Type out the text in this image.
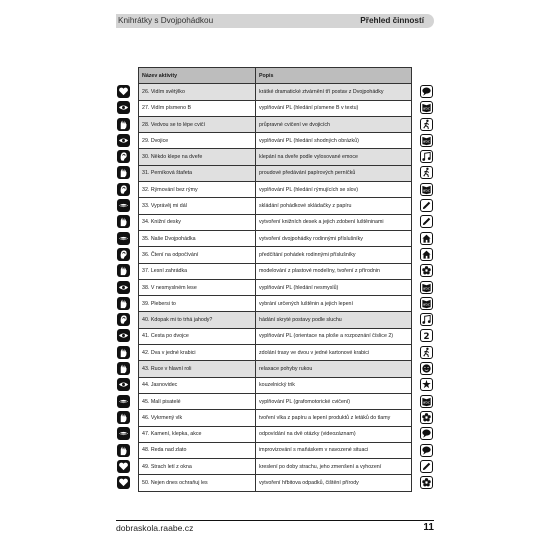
Knihrátky s Dvojpohádkou	Přehled činností
Název aktivity	Popis
26. Vidím světýlko	krátké dramatické ztvárnění tří postav z Dvojpohádky
27. Vidím písmeno B	vyplňování PL (hledání písmene B v textu)
28. Vedvou se to lépe cvičí	průpravné cvičení ve dvojicích
29. Dvojice	vyplňování PL (hledání shodných obrázků)
30. Někdo klepe na dveře	klepání na dveře podle vylosované emoce
31. Perníková štafeta	proudové předávání papírových perníčků
32. Rýmování bez rýmy	vyplňování PL (hledání rýmujících se slov)
33. Vyprávěj mi dál	skládání pohádkové skládačky z papíru
34. Knižní desky	vytvoření knižních desek a jejich zdobení luštěninami
35. Naše Dvojpohádka	vytvoření dvojpohádky rodinnými příslušníky
36. Čtení na odpočívání	předčítání pohádek rodinnými příslušníky
37. Lesní zahrádka	modelování z plastové modelíny, tvoření z přírodnin
38. V nesmyslném lese	vyplňování PL (hledání nesmyslů)
39. Plebersi to	vybrání určených luštěnin a jejich lepení
40. Kdopak mi to trhá jahody?	hádání skryté postavy podle sluchu
41. Cesta po dvojce	vyplňování PL (orientace na ploše a rozpoznání číslice 2)
42. Dva v jedné krabici	zdolání trasy ve dvou v jedné kartonové krabici
43. Ruce v hlavní roli	relaxace pohyby rukou
44. Jasnovidec	kouzelnický trik
45. Malí pisatelé	vyplňování PL (grafomotorické cvičení)
46. Vykrmený vlk	tvoření vlka z papíru a lepení produktů z letáků do tlamy
47. Kamení, klepka, akce	odpovídání na dvě otázky (videozáznam)
48. Reda nad zlato	improvizování s maňáskem v navozené situaci
49. Strach letí z okna	kreslení po doby strachu, jeho zmenšení a vyhození
50. Nejen dnes ochraňuj les	vytvoření hřbitova odpadků, čištění přírody
abc
abc
abc
abc
abc
2
abc
dobraskola.raabe.cz	11
